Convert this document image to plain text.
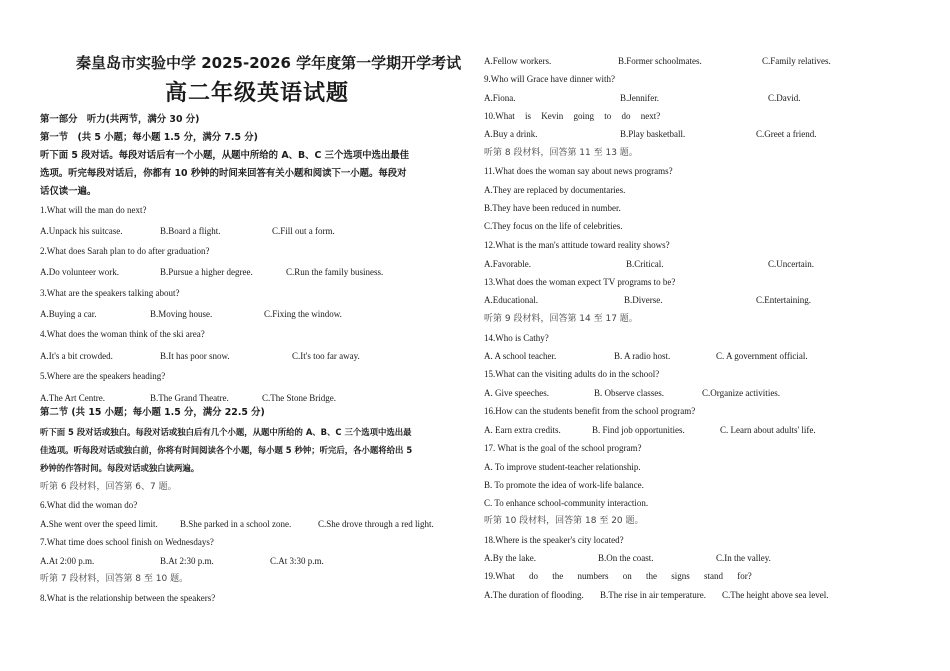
秦皇岛市实验中学 2025-2026 学年度第一学期开学考试
高二年级英语试题
第一部分　听力(共两节，满分 30 分)
第一节　(共 5 小题；每小题 1.5 分，满分 7.5 分)
听下面 5 段对话。每段对话后有一个小题，从题中所给的 A、B、C 三个选项中选出最佳
选项。听完每段对话后，你都有 10 秒钟的时间来回答有关小题和阅读下一小题。每段对
话仅读一遍。
1.What will the man do next?
A.Unpack his suitcase.	B.Board a flight.	C.Fill out a form.
2.What does Sarah plan to do after graduation?
A.Do volunteer work.	B.Pursue a higher degree.	C.Run the family business.
3.What are the speakers talking about?
A.Buying a car.	B.Moving house.	C.Fixing the window.
4.What does the woman think of the ski area?
A.It's a bit crowded.	B.It has poor snow.	C.It's too far away.
5.Where are the speakers heading?
A.The Art Centre.	B.The Grand Theatre.	C.The Stone Bridge.
第二节 (共 15 小题；每小题 1.5 分，满分 22.5 分)
听下面 5 段对话或独白。每段对话或独白后有几个小题，从题中所给的 A、B、C 三个选项中选出最
佳选项。听每段对话或独白前，你将有时间阅读各个小题，每小题 5 秒钟；听完后，各小题将给出 5
秒钟的作答时间。每段对话或独白读两遍。
听第 6 段材料，回答第 6、7 题。
6.What did the woman do?
A.She went over the speed limit. B.She parked in a school zone.	C.She drove through a red light.
7.What time does school finish on Wednesdays?
A.At 2:00 p.m.	B.At 2:30 p.m.	C.At 3:30 p.m.
听第 7 段材料，回答第 8 至 10 题。
8.What is the relationship between the speakers?
A.Fellow workers.	B.Former schoolmates.	C.Family relatives.
9.Who will Grace have dinner with?
A.Fiona.	B.Jennifer.	C.David.
10.What is Kevin going to do next?
A.Buy a drink.	B.Play basketball.	C.Greet a friend.
听第 8 段材料，回答第 11 至 13 题。
11.What does the woman say about news programs?
A.They are replaced by documentaries.
B.They have been reduced in number.
C.They focus on the life of celebrities.
12.What is the man's attitude toward reality shows?
A.Favorable.	B.Critical.	C.Uncertain.
13.What does the woman expect TV programs to be?
A.Educational.	B.Diverse.	C.Entertaining.
听第 9 段材料，回答第 14 至 17 题。
14.Who is Cathy?
A. A school teacher.	B. A radio host.	C. A government official.
15.What can the visiting adults do in the school?
A. Give speeches.	B. Observe classes.	C.Organize activities.
16.How can the students benefit from the school program?
A. Earn extra credits.	B. Find job opportunities.	C. Learn about adults' life.
17. What is the goal of the school program?
A. To improve student-teacher relationship.
B. To promote the idea of work-life balance.
C. To enhance school-community interaction.
听第 10 段材料，回答第 18 至 20 题。
18.Where is the speaker's city located?
A.By the lake.	B.On the coast.	C.In the valley.
19.What do the numbers on the signs stand for?
A.The duration of flooding. B.The rise in air temperature. C.The height above sea level.
